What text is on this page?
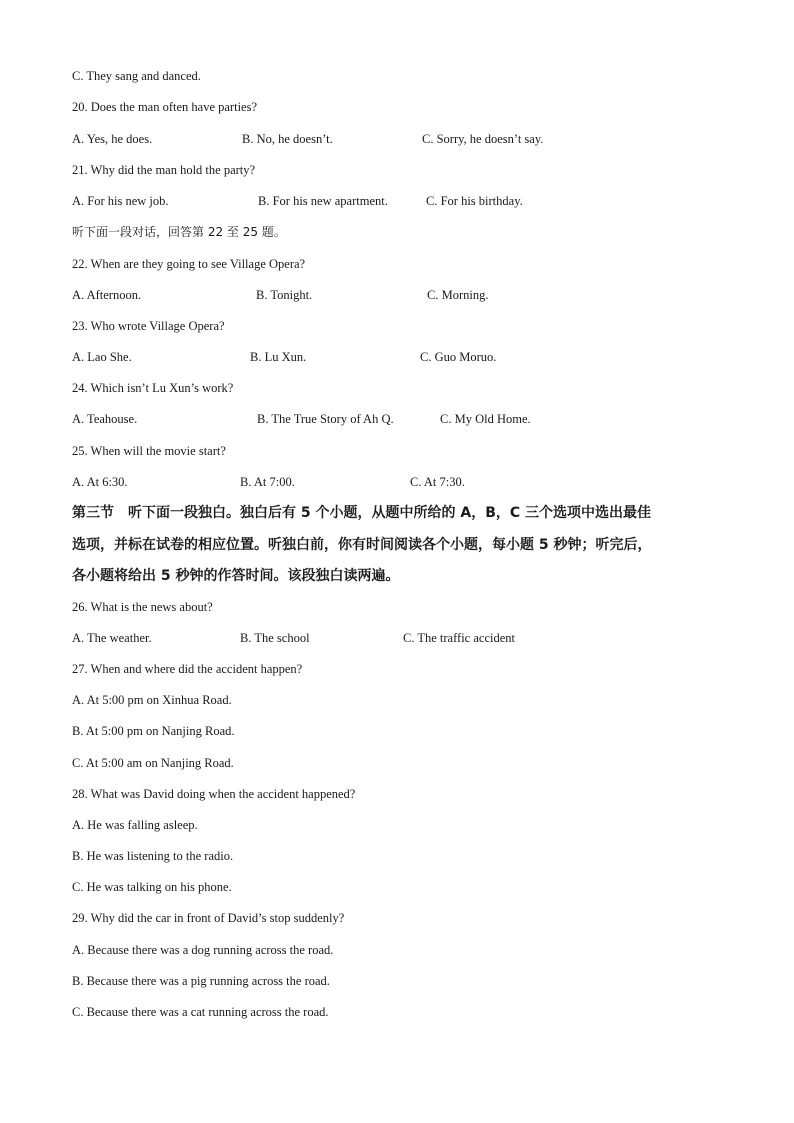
C. They sang and danced.
20. Does the man often have parties?
A. Yes, he does.	B. No, he doesn’t.	C. Sorry, he doesn’t say.
21. Why did the man hold the party?
A. For his new job.	B. For his new apartment.	C. For his birthday.
听下面一段对话，回答第 22 至 25 题。
22. When are they going to see Village Opera?
A. Afternoon.	B. Tonight.	C. Morning.
23. Who wrote Village Opera?
A. Lao She.	B. Lu Xun.	C. Guo Moruo.
24. Which isn’t Lu Xun’s work?
A. Teahouse.	B. The True Story of Ah Q.	C. My Old Home.
25. When will the movie start?
A. At 6:30.	B. At 7:00.	C. At 7:30.
第三节　听下面一段独白。独白后有 5 个小题，从题中所给的 A，B，C 三个选项中选出最佳
选项，并标在试卷的相应位置。听独白前，你有时间阅读各个小题，每小题 5 秒钟；听完后，
各小题将给出 5 秒钟的作答时间。该段独白读两遍。
26. What is the news about?
A. The weather.	B. The school	C. The traffic accident
27. When and where did the accident happen?
A. At 5:00 pm on Xinhua Road.
B. At 5:00 pm on Nanjing Road.
C. At 5:00 am on Nanjing Road.
28. What was David doing when the accident happened?
A. He was falling asleep.
B. He was listening to the radio.
C. He was talking on his phone.
29. Why did the car in front of David’s stop suddenly?
A. Because there was a dog running across the road.
B. Because there was a pig running across the road.
C. Because there was a cat running across the road.
